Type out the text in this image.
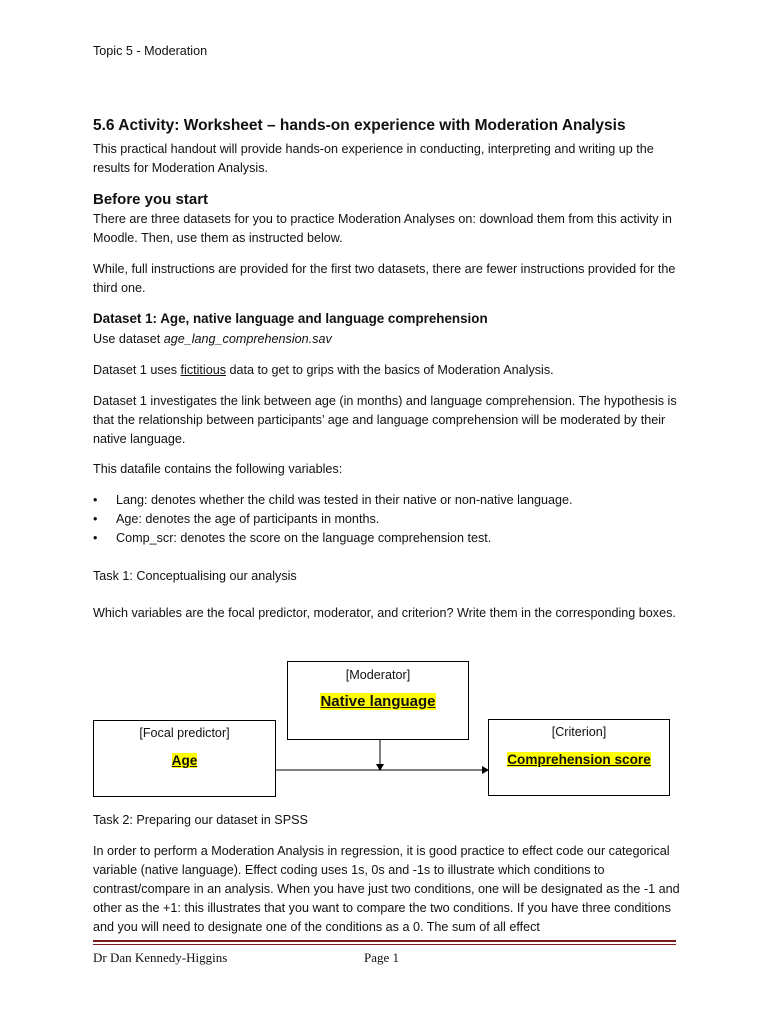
Topic 5 - Moderation
5.6 Activity: Worksheet – hands-on experience with Moderation Analysis

This practical handout will provide hands-on experience in conducting, interpreting and writing up the results for Moderation Analysis.

Before you start

There are three datasets for you to practice Moderation Analyses on: download them from this activity in Moodle. Then, use them as instructed below.

While, full instructions are provided for the first two datasets, there are fewer instructions provided for the third one.

Dataset 1: Age, native language and language comprehension

Use dataset age_lang_comprehension.sav

Dataset 1 uses fictitious data to get to grips with the basics of Moderation Analysis.

Dataset 1 investigates the link between age (in months) and language comprehension. The hypothesis is that the relationship between participants’ age and language comprehension will be moderated by their native language.

This datafile contains the following variables:

• Lang: denotes whether the child was tested in their native or non-native language.
• Age: denotes the age of participants in months.
• Comp_scr: denotes the score on the language comprehension test.

Task 1: Conceptualising our analysis

Which variables are the focal predictor, moderator, and criterion? Write them in the corresponding boxes.

[Moderator]
Native language
[Focal predictor]
Age
[Criterion]
Comprehension score

Task 2: Preparing our dataset in SPSS

In order to perform a Moderation Analysis in regression, it is good practice to effect code our categorical variable (native language). Effect coding uses 1s, 0s and -1s to illustrate which conditions to contrast/compare in an analysis. When you have just two conditions, one will be designated as the -1 and other as the +1: this illustrates that you want to compare the two conditions. If you have three conditions and you will need to designate one of the conditions as a 0. The sum of all effect

Dr Dan Kennedy-Higgins	Page 1
